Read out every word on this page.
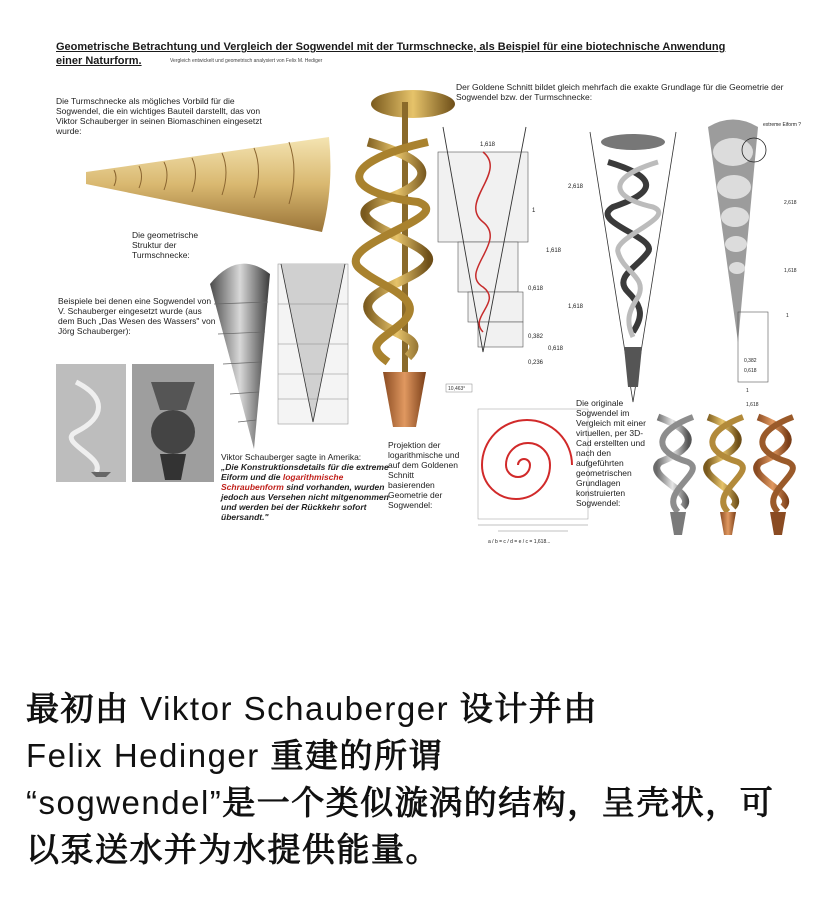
Geometrische Betrachtung und Vergleich der Sogwendel mit der Turmschnecke, als Beispiel für eine biotechnische Anwendung
einer Naturform.	Vergleich entwickelt und geometrisch analysiert von Felix M. Hediger
Die Turmschnecke als mögliches Vorbild für die Sogwendel, die ein wichtiges Bauteil darstellt, das von Viktor Schauberger in seinen Biomaschinen eingesetzt wurde:
Die geometrische Struktur der Turmschnecke:
Beispiele bei denen eine Sogwendel von V. Schauberger eingesetzt wurde (aus dem Buch „Das Wesen des Wassers" von Jörg Schauberger):
Der Goldene Schnitt bildet gleich mehrfach die exakte Grundlage für die Geometrie der Sogwendel bzw. der Turmschnecke:
1,618
1
2,618
1,618
0,618
1,618
0,382
0,618
0,236
10,463°
extreme Eiform ?
2,618
1,618
1
0,382
0,618
1
1,618
Viktor Schauberger sagte in Amerika:
„Die Konstruktionsdetails für die extreme Eiform und die logarithmische Schraubenform sind vorhanden, wurden jedoch aus Versehen nicht mitgenommen und werden bei der Rückkehr sofort übersandt."
Projektion der logarithmische und auf dem Goldenen Schnitt basierenden Geometrie der Sogwendel:
a / b = c / d = e / c = 1,618...
Die originale Sogwendel im Vergleich mit einer virtuellen, per 3D-Cad erstellten und nach den aufgeführten geometrischen Grundlagen konstruierten Sogwendel:
最初由 Viktor Schauberger 设计并由
Felix Hedinger 重建的所谓
“sogwendel”是一个类似漩涡的结构，呈壳状，可以泵送水并为水提供能量。
